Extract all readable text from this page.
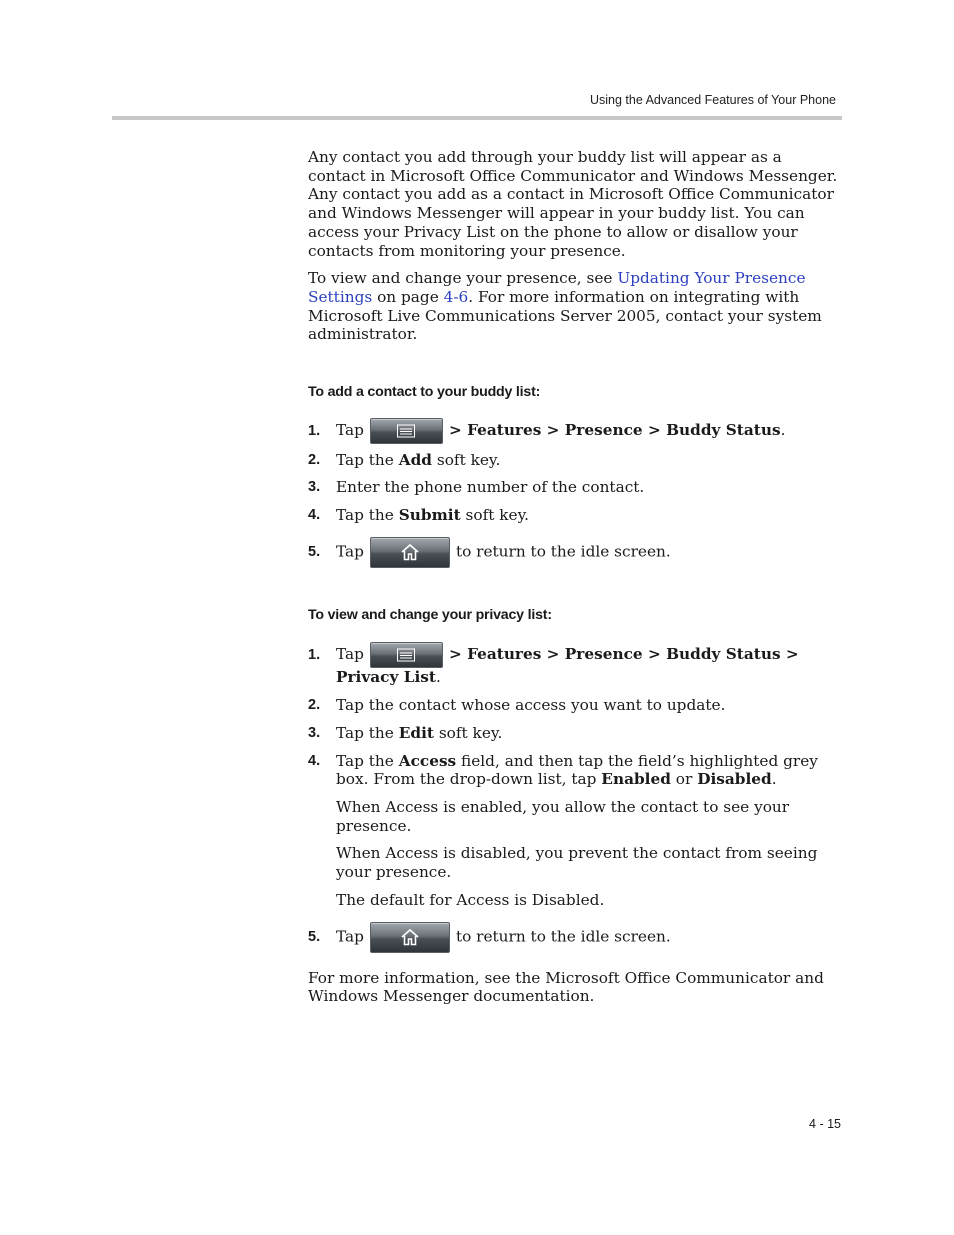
Using the Advanced Features of Your Phone

Any contact you add through your buddy list will appear as a contact in Microsoft Office Communicator and Windows Messenger. Any contact you add as a contact in Microsoft Office Communicator and Windows Messenger will appear in your buddy list. You can access your Privacy List on the phone to allow or disallow your contacts from monitoring your presence.

To view and change your presence, see Updating Your Presence Settings on page 4-6. For more information on integrating with Microsoft Live Communications Server 2005, contact your system administrator.

To add a contact to your buddy list:
1. Tap	> Features > Presence > Buddy Status.
2. Tap the Add soft key.
3. Enter the phone number of the contact.
4. Tap the Submit soft key.
5. Tap	to return to the idle screen.
To view and change your privacy list:
1. Tap	> Features > Presence > Buddy Status > Privacy List.
2. Tap the contact whose access you want to update.
3. Tap the Edit soft key.
4. Tap the Access field, and then tap the field’s highlighted grey box. From the drop-down list, tap Enabled or Disabled.

When Access is enabled, you allow the contact to see your presence.

When Access is disabled, you prevent the contact from seeing your presence.

The default for Access is Disabled.

5. Tap	to return to the idle screen.

For more information, see the Microsoft Office Communicator and Windows Messenger documentation.

4 - 15
